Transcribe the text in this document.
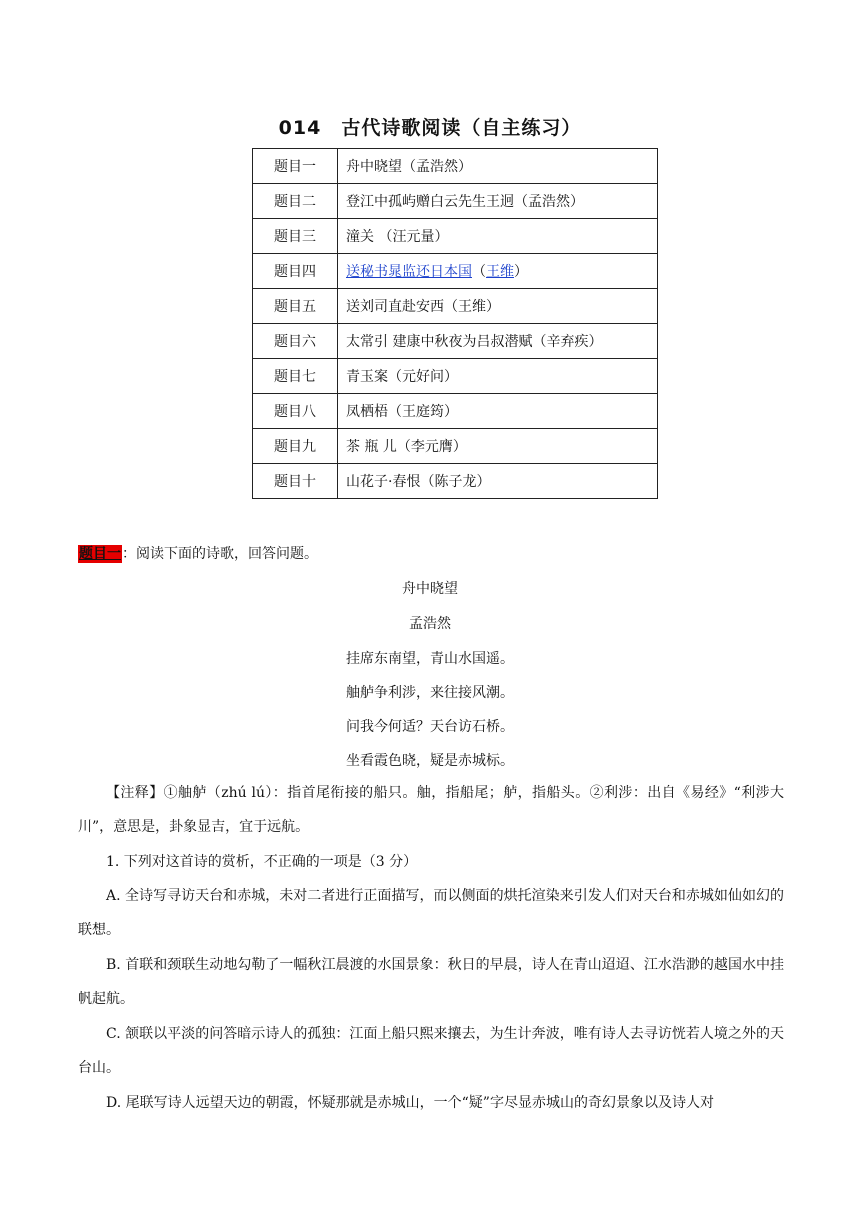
014　古代诗歌阅读（自主练习）
题目一	舟中晓望（孟浩然）
题目二	登江中孤屿赠白云先生王迥（孟浩然）
题目三	潼关 （汪元量）
题目四	送秘书晁监还日本国（王维）
题目五	送刘司直赴安西（王维）
题目六	太常引 建康中秋夜为吕叔潜赋（辛弃疾）
题目七	青玉案（元好问）
题目八	凤栖梧（王庭筠）
题目九	茶 瓶 儿（李元膺）
题目十	山花子·春恨（陈子龙）
题目一：阅读下面的诗歌，回答问题。
舟中晓望
孟浩然
挂席东南望，青山水国遥。
舳舻争利涉，来往接风潮。
问我今何适？天台访石桥。
坐看霞色晓，疑是赤城标。
【注释】①舳舻（zhú lú）：指首尾衔接的船只。舳，指船尾；舻，指船头。②利涉：出自《易经》“利涉大川”，意思是，卦象显吉，宜于远航。
1. 下列对这首诗的赏析，不正确的一项是（3 分）
A. 全诗写寻访天台和赤城，未对二者进行正面描写，而以侧面的烘托渲染来引发人们对天台和赤城如仙如幻的联想。
B. 首联和颈联生动地勾勒了一幅秋江晨渡的水国景象：秋日的早晨，诗人在青山迢迢、江水浩渺的越国水中挂帆起航。
C. 颔联以平淡的问答暗示诗人的孤独：江面上船只熙来攘去，为生计奔波，唯有诗人去寻访恍若人境之外的天台山。
D. 尾联写诗人远望天边的朝霞，怀疑那就是赤城山，一个“疑”字尽显赤城山的奇幻景象以及诗人对
